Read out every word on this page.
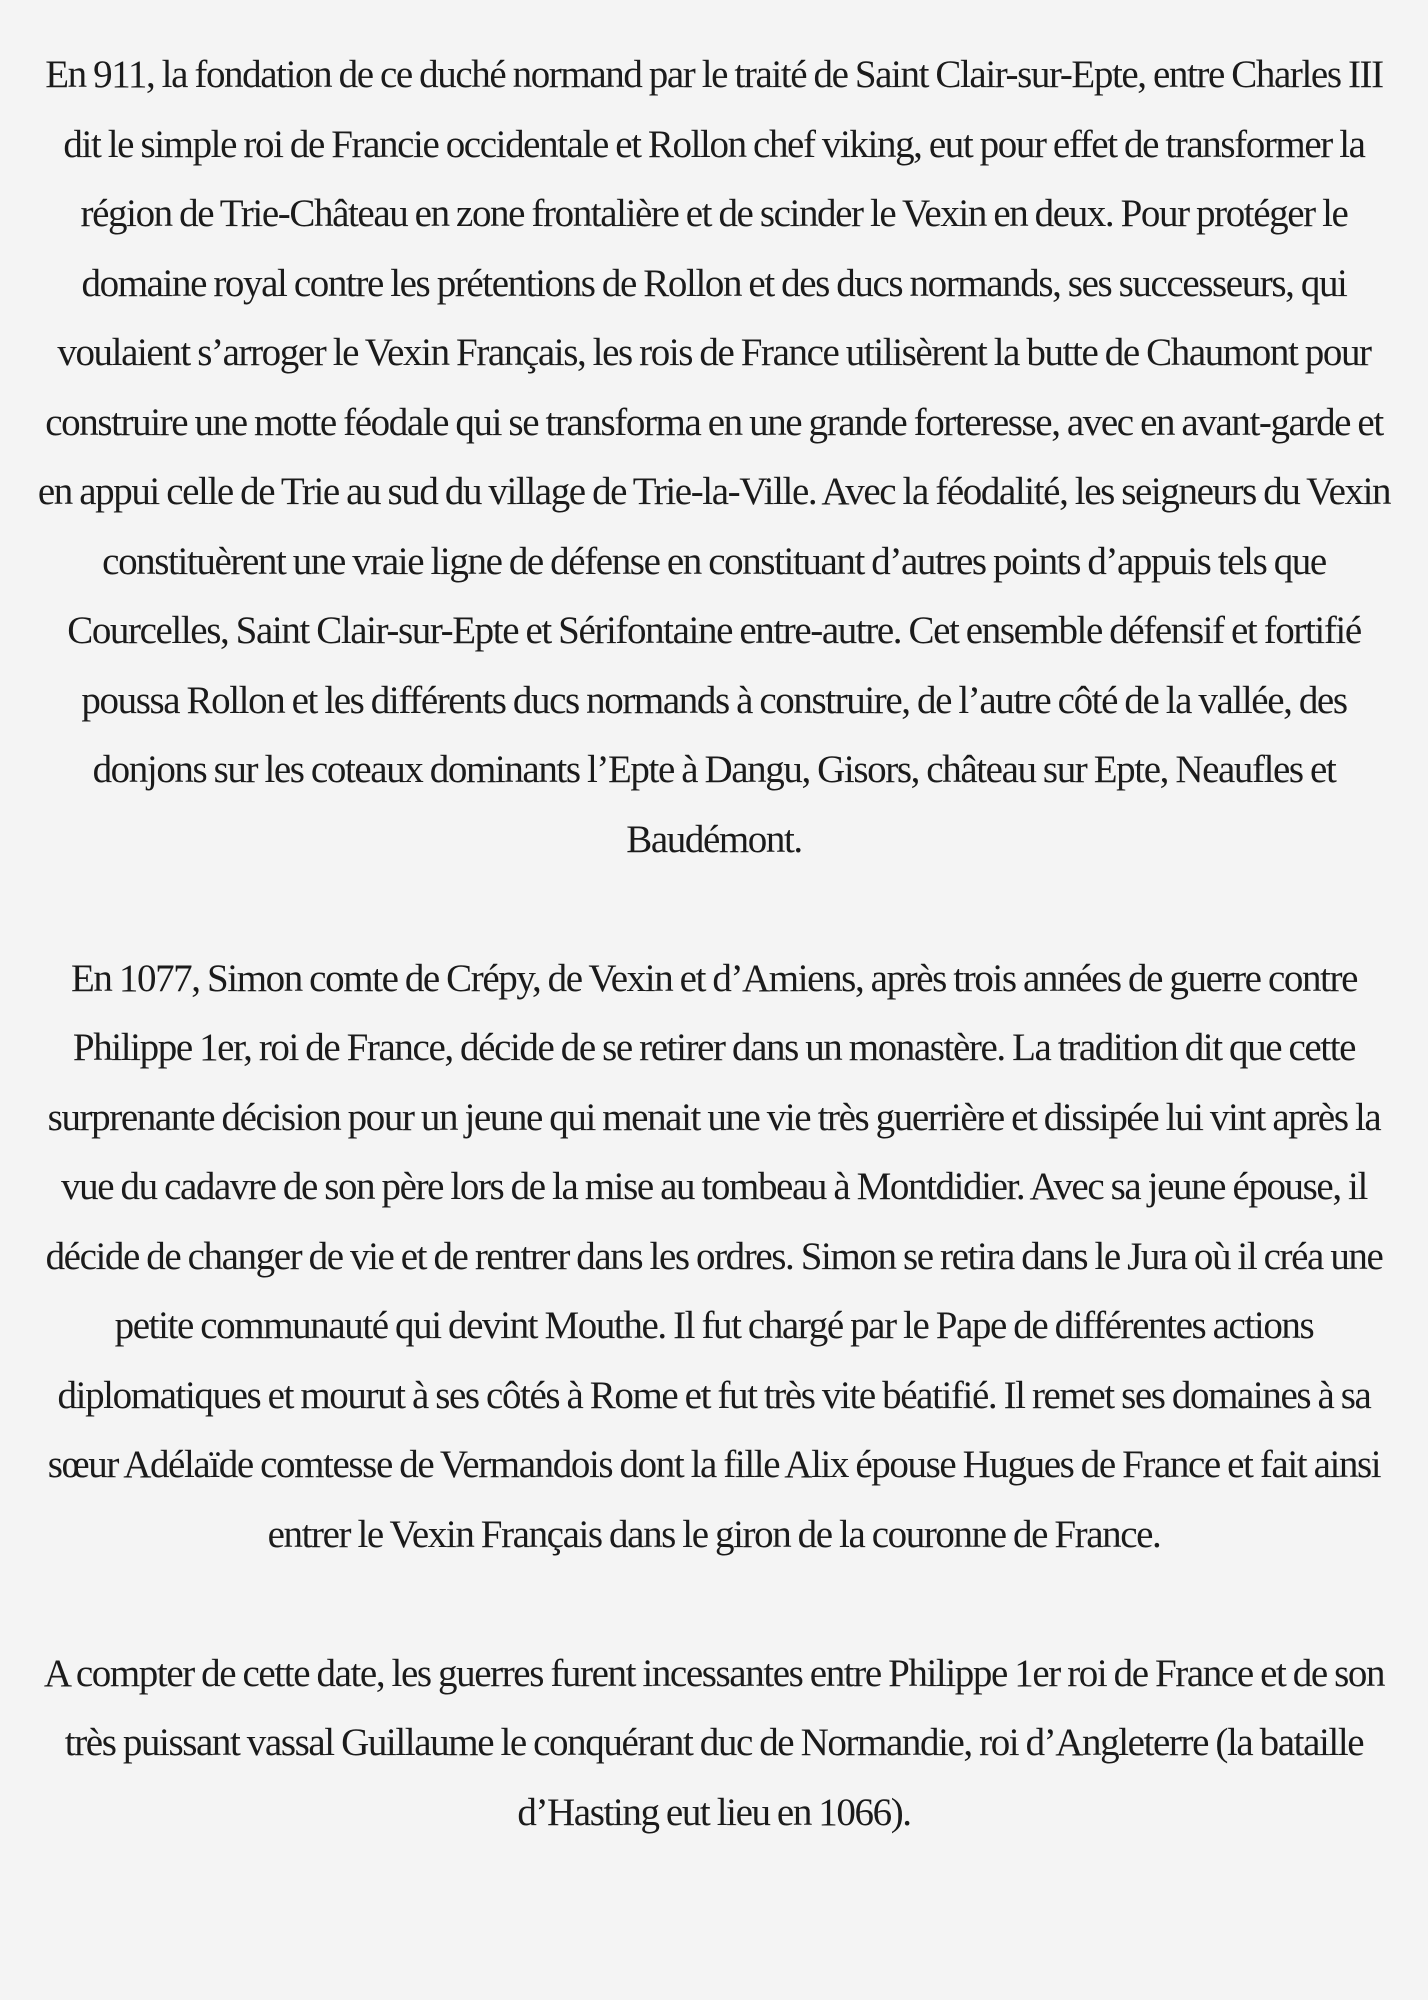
En 911, la fondation de ce duché normand par le traité de Saint Clair-sur-Epte, entre Charles III
dit le simple roi de Francie occidentale et Rollon chef viking, eut pour effet de transformer la
région de Trie-Château en zone frontalière et de scinder le Vexin en deux. Pour protéger le
domaine royal contre les prétentions de Rollon et des ducs normands, ses successeurs, qui
voulaient s’arroger le Vexin Français, les rois de France utilisèrent la butte de Chaumont pour
construire une motte féodale qui se transforma en une grande forteresse, avec en avant-garde et
en appui celle de Trie au sud du village de Trie-la-Ville. Avec la féodalité, les seigneurs du Vexin
constituèrent une vraie ligne de défense en constituant d’autres points d’appuis tels que
Courcelles, Saint Clair-sur-Epte et Sérifontaine entre-autre. Cet ensemble défensif et fortifié
poussa Rollon et les différents ducs normands à construire, de l’autre côté de la vallée, des
donjons sur les coteaux dominants l’Epte à Dangu, Gisors, château sur Epte, Neaufles et
Baudémont.

En 1077, Simon comte de Crépy, de Vexin et d’Amiens, après trois années de guerre contre
Philippe 1er, roi de France, décide de se retirer dans un monastère. La tradition dit que cette
surprenante décision pour un jeune qui menait une vie très guerrière et dissipée lui vint après la
vue du cadavre de son père lors de la mise au tombeau à Montdidier. Avec sa jeune épouse, il
décide de changer de vie et de rentrer dans les ordres. Simon se retira dans le Jura où il créa une
petite communauté qui devint Mouthe. Il fut chargé par le Pape de différentes actions
diplomatiques et mourut à ses côtés à Rome et fut très vite béatifié. Il remet ses domaines à sa
sœur Adélaïde comtesse de Vermandois dont la fille Alix épouse Hugues de France et fait ainsi
entrer le Vexin Français dans le giron de la couronne de France.

A compter de cette date, les guerres furent incessantes entre Philippe 1er roi de France et de son
très puissant vassal Guillaume le conquérant duc de Normandie, roi d’Angleterre (la bataille
d’Hasting eut lieu en 1066).
